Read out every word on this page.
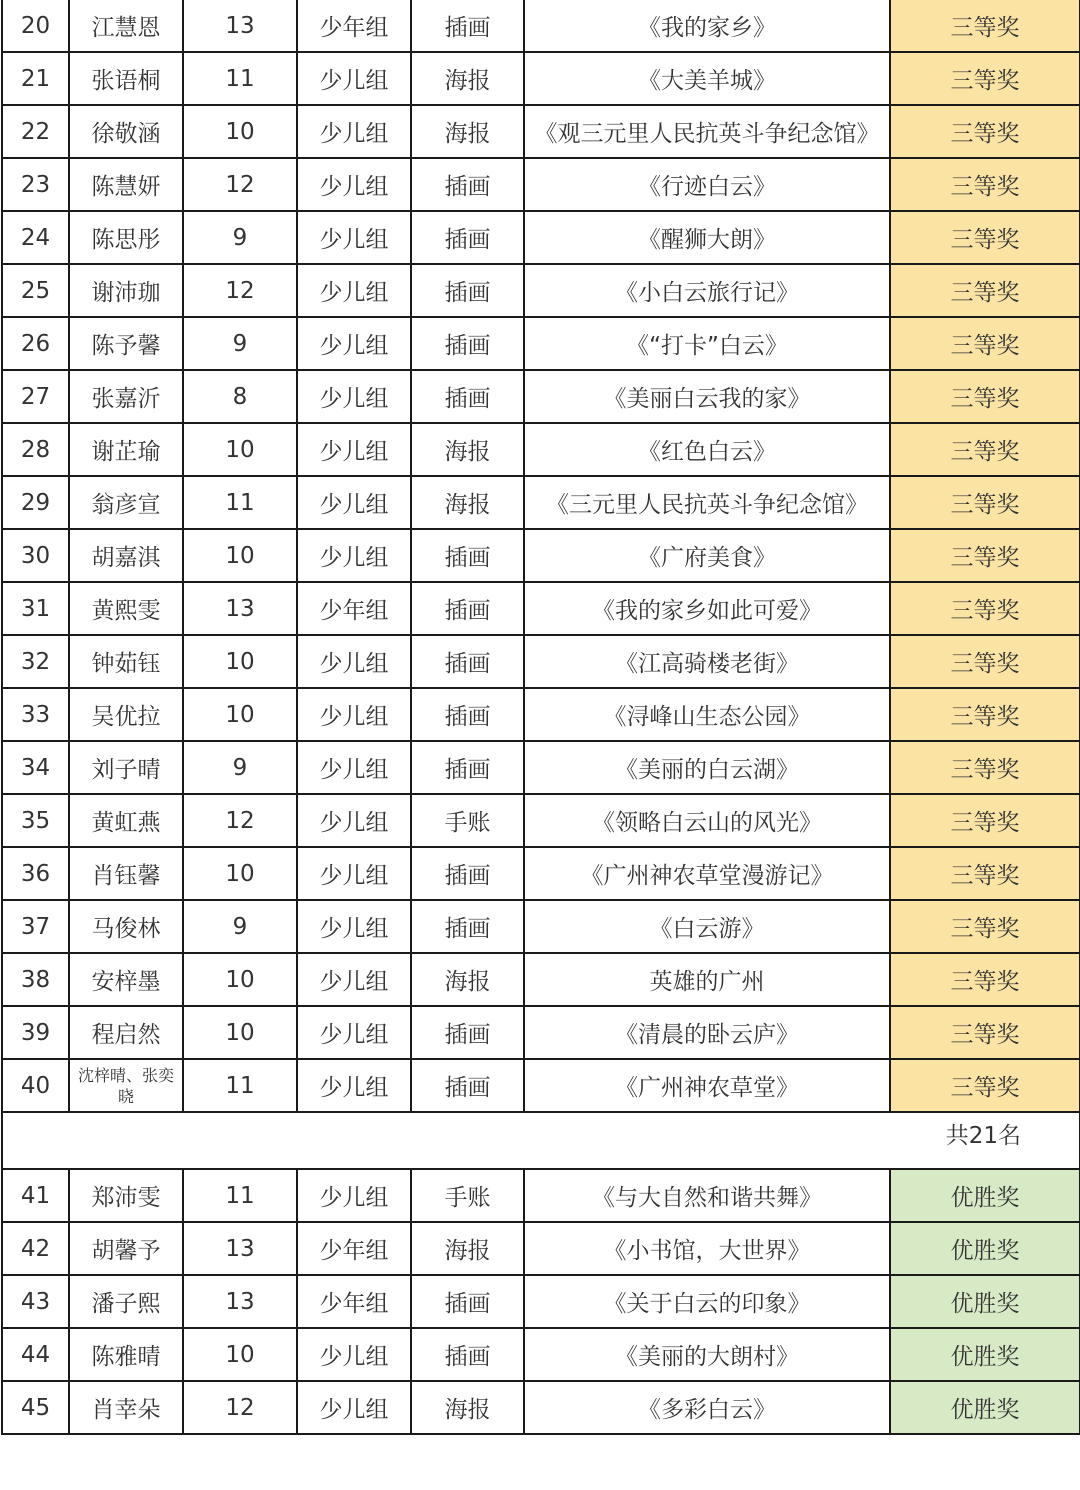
20	江慧恩	13	少年组	插画	《我的家乡》	三等奖
21	张语桐	11	少儿组	海报	《大美羊城》	三等奖
22	徐敬涵	10	少儿组	海报	《观三元里人民抗英斗争纪念馆》	三等奖
23	陈慧妍	12	少儿组	插画	《行迹白云》	三等奖
24	陈思彤	9	少儿组	插画	《醒狮大朗》	三等奖
25	谢沛珈	12	少儿组	插画	《小白云旅行记》	三等奖
26	陈予馨	9	少儿组	插画	《“打卡”白云》	三等奖
27	张嘉沂	8	少儿组	插画	《美丽白云我的家》	三等奖
28	谢芷瑜	10	少儿组	海报	《红色白云》	三等奖
29	翁彦宣	11	少儿组	海报	《三元里人民抗英斗争纪念馆》	三等奖
30	胡嘉淇	10	少儿组	插画	《广府美食》	三等奖
31	黄熙雯	13	少年组	插画	《我的家乡如此可爱》	三等奖
32	钟茹钰	10	少儿组	插画	《江高骑楼老街》	三等奖
33	吴优拉	10	少儿组	插画	《浔峰山生态公园》	三等奖
34	刘子晴	9	少儿组	插画	《美丽的白云湖》	三等奖
35	黄虹燕	12	少儿组	手账	《领略白云山的风光》	三等奖
36	肖钰馨	10	少儿组	插画	《广州神农草堂漫游记》	三等奖
37	马俊林	9	少儿组	插画	《白云游》	三等奖
38	安梓墨	10	少儿组	海报	英雄的广州	三等奖
39	程启然	10	少儿组	插画	《清晨的卧云庐》	三等奖
40	沈梓晴、张奕晓	11	少儿组	插画	《广州神农草堂》	三等奖
共21名						
41	郑沛雯	11	少儿组	手账	《与大自然和谐共舞》	优胜奖
42	胡馨予	13	少年组	海报	《小书馆，大世界》	优胜奖
43	潘子熙	13	少年组	插画	《关于白云的印象》	优胜奖
44	陈雅晴	10	少儿组	插画	《美丽的大朗村》	优胜奖
45	肖幸朵	12	少儿组	海报	《多彩白云》	优胜奖
